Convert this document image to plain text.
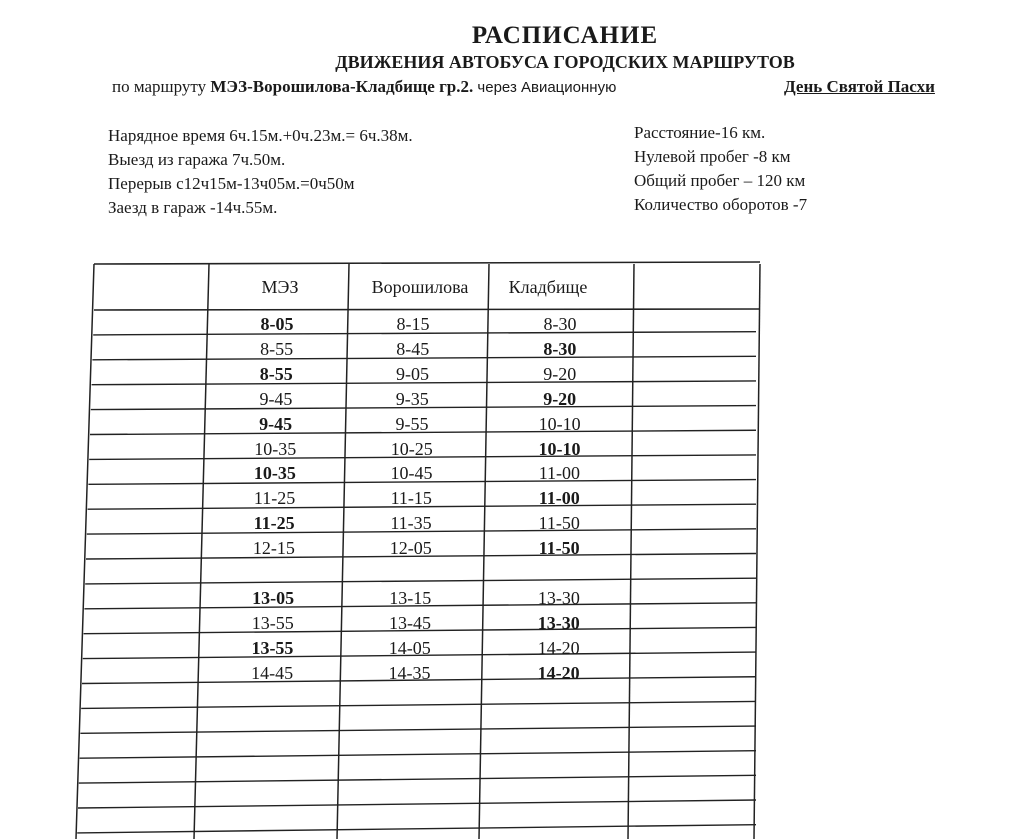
РАСПИСАНИЕ
ДВИЖЕНИЯ АВТОБУСА ГОРОДСКИХ МАРШРУТОВ
по маршруту МЭЗ-Ворошилова-Кладбище гр.2. через Авиационную	День Святой Пасхи
Нарядное время 6ч.15м.+0ч.23м.= 6ч.38м.
Выезд из гаража 7ч.50м.
Перерыв с12ч15м-13ч05м.=0ч50м
Заезд в гараж -14ч.55м.
Расстояние-16 км.
Нулевой пробег -8 км
Общий пробег – 120 км
Количество оборотов -7
МЭЗ	Ворошилова	Кладбище
8-05	8-15	8-30
8-55	8-45	8-30
8-55	9-05	9-20
9-45	9-35	9-20
9-45	9-55	10-10
10-35	10-25	10-10
10-35	10-45	11-00
11-25	11-15	11-00
11-25	11-35	11-50
12-15	12-05	11-50
13-05	13-15	13-30
13-55	13-45	13-30
13-55	14-05	14-20
14-45	14-35	14-20
